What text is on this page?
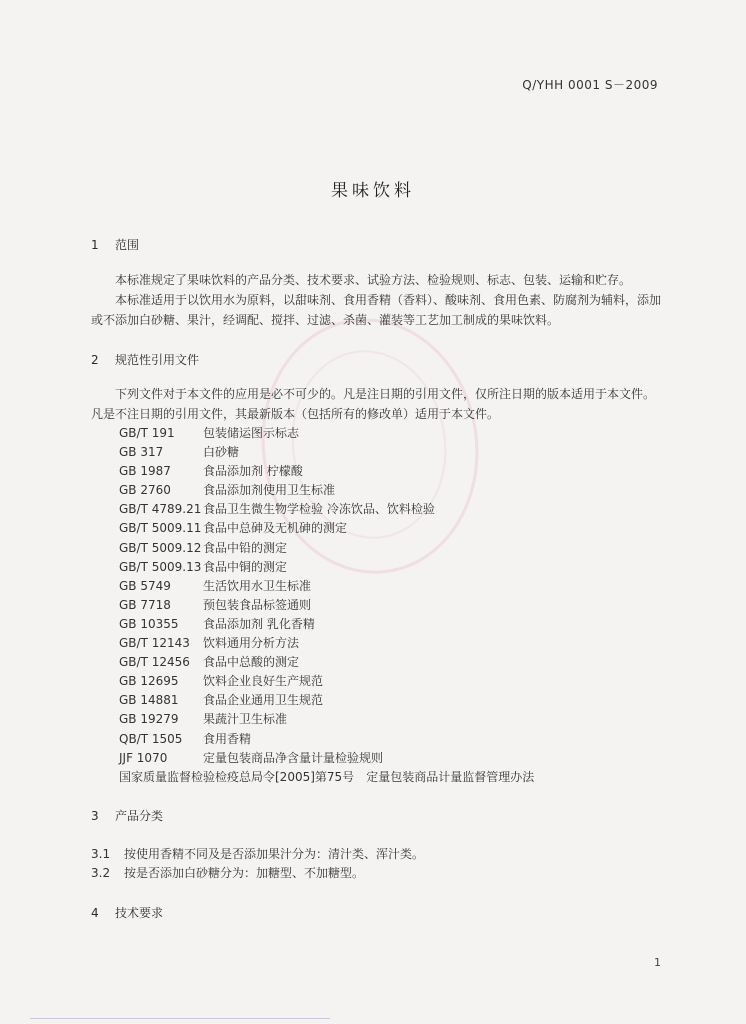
Q/YHH 0001 S－2009
果味饮料
1 范围
本标准规定了果味饮料的产品分类、技术要求、试验方法、检验规则、标志、包装、运输和贮存。
本标准适用于以饮用水为原料，以甜味剂、食用香精（香料）、酸味剂、食用色素、防腐剂为辅料，添加或不添加白砂糖、果汁，经调配、搅拌、过滤、杀菌、灌装等工艺加工制成的果味饮料。
2 规范性引用文件
下列文件对于本文件的应用是必不可少的。凡是注日期的引用文件，仅所注日期的版本适用于本文件。凡是不注日期的引用文件，其最新版本（包括所有的修改单）适用于本文件。
GB/T 191 包装储运图示标志
GB 317	白砂糖
GB 1987	食品添加剂 柠檬酸
GB 2760	食品添加剂使用卫生标准
GB/T 4789.21 食品卫生微生物学检验 冷冻饮品、饮料检验
GB/T 5009.11 食品中总砷及无机砷的测定
GB/T 5009.12 食品中铅的测定
GB/T 5009.13 食品中铜的测定
GB 5749	生活饮用水卫生标准
GB 7718	预包装食品标签通则
GB 10355 食品添加剂 乳化香精
GB/T 12143 饮料通用分析方法
GB/T 12456 食品中总酸的测定
GB 12695 饮料企业良好生产规范
GB 14881 食品企业通用卫生规范
GB 19279 果蔬汁卫生标准
QB/T 1505 食用香精
JJF 1070	定量包装商品净含量计量检验规则
国家质量监督检验检疫总局令[2005]第75号 定量包装商品计量监督管理办法
3 产品分类
3.1 按使用香精不同及是否添加果汁分为：清汁类、浑汁类。
3.2 按是否添加白砂糖分为：加糖型、不加糖型。
4 技术要求
1
